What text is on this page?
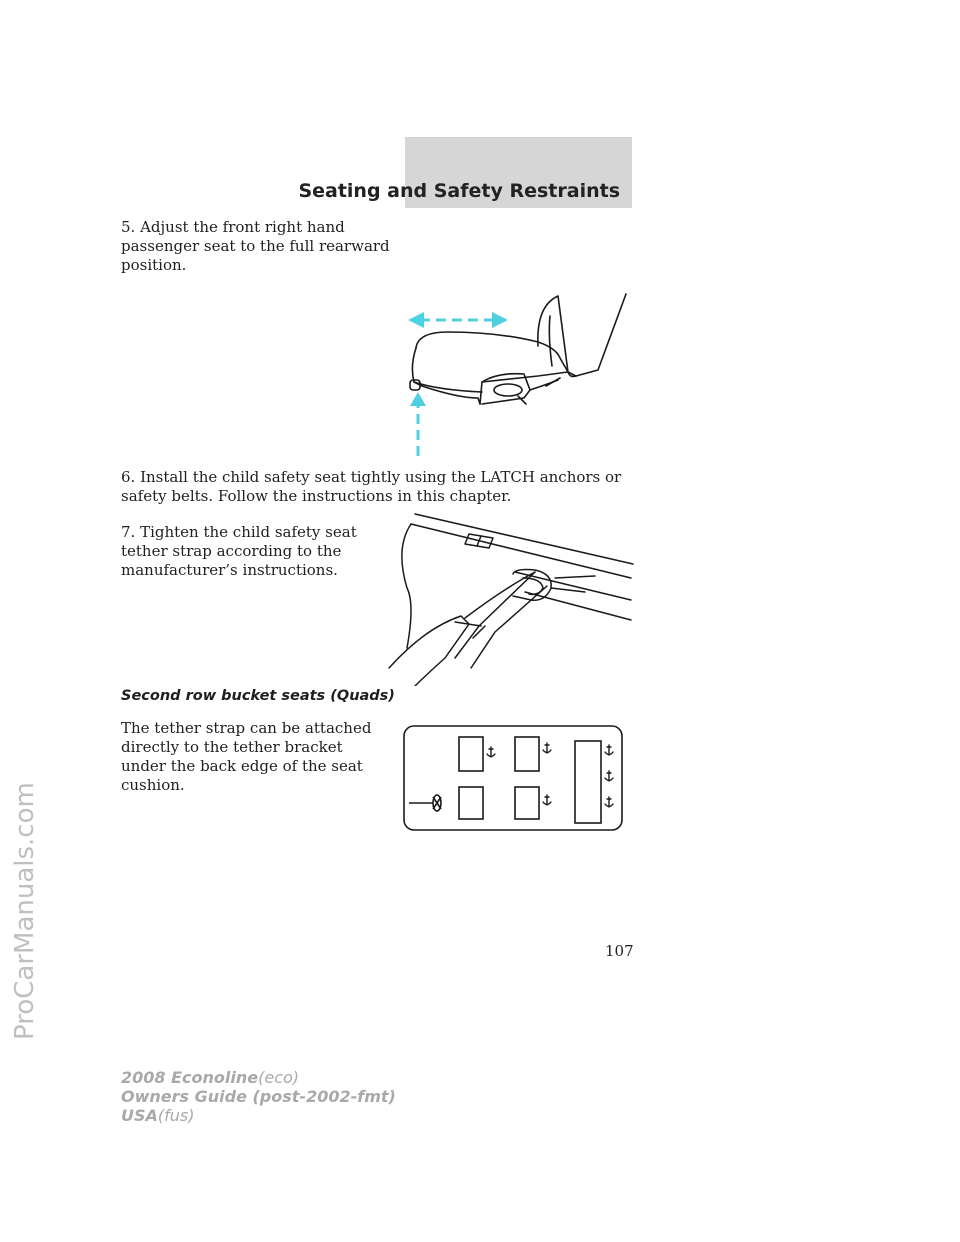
Seating and Safety Restraints

5. Adjust the front right hand passenger seat to the full rearward position.

6. Install the child safety seat tightly using the LATCH anchors or safety belts. Follow the instructions in this chapter.

7. Tighten the child safety seat tether strap according to the manufacturer’s instructions.

Second row bucket seats (Quads)

The tether strap can be attached directly to the tether bracket under the back edge of the seat cushion.

107
2008 Econoline(eco)
Owners Guide (post-2002-fmt)
USA(fus)
ProCarManuals.com
